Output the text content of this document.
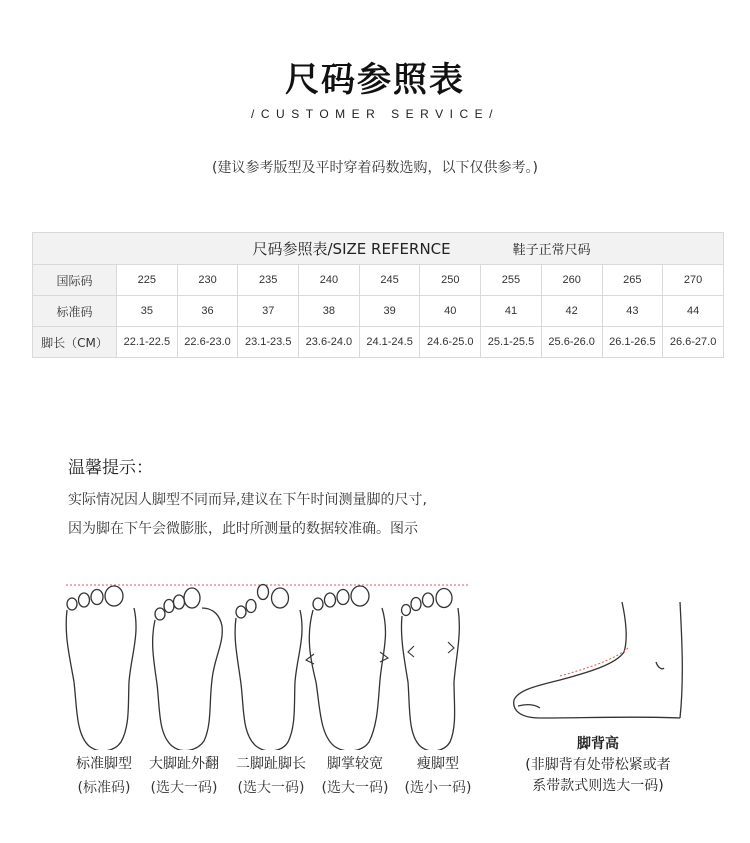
尺码参照表
/CUSTOMER SERVICE/
(建议参考版型及平时穿着码数选购，以下仅供参考。)
尺码参照表/SIZE REFERNCE							鞋子正常尺码			
国际码	225	230	235	240	245	250	255	260	265	270
标准码	35	36	37	38	39	40	41	42	43	44
脚长（CM）	22.1-22.5	22.6-23.0	23.1-23.5	23.6-24.0	24.1-24.5	24.6-25.0	25.1-25.5	25.6-26.0	26.1-26.5	26.6-27.0
温馨提示：
实际情况因人脚型不同而异,建议在下午时间测量脚的尺寸,
因为脚在下午会微膨胀，此时所测量的数据较准确。图示
标准脚型
(标准码)
大脚趾外翻
(选大一码)
二脚趾脚长
(选大一码)
脚掌较宽
(选大一码)
瘦脚型
(选小一码)
脚背高
(非脚背有处带松紧或者
系带款式则选大一码)
